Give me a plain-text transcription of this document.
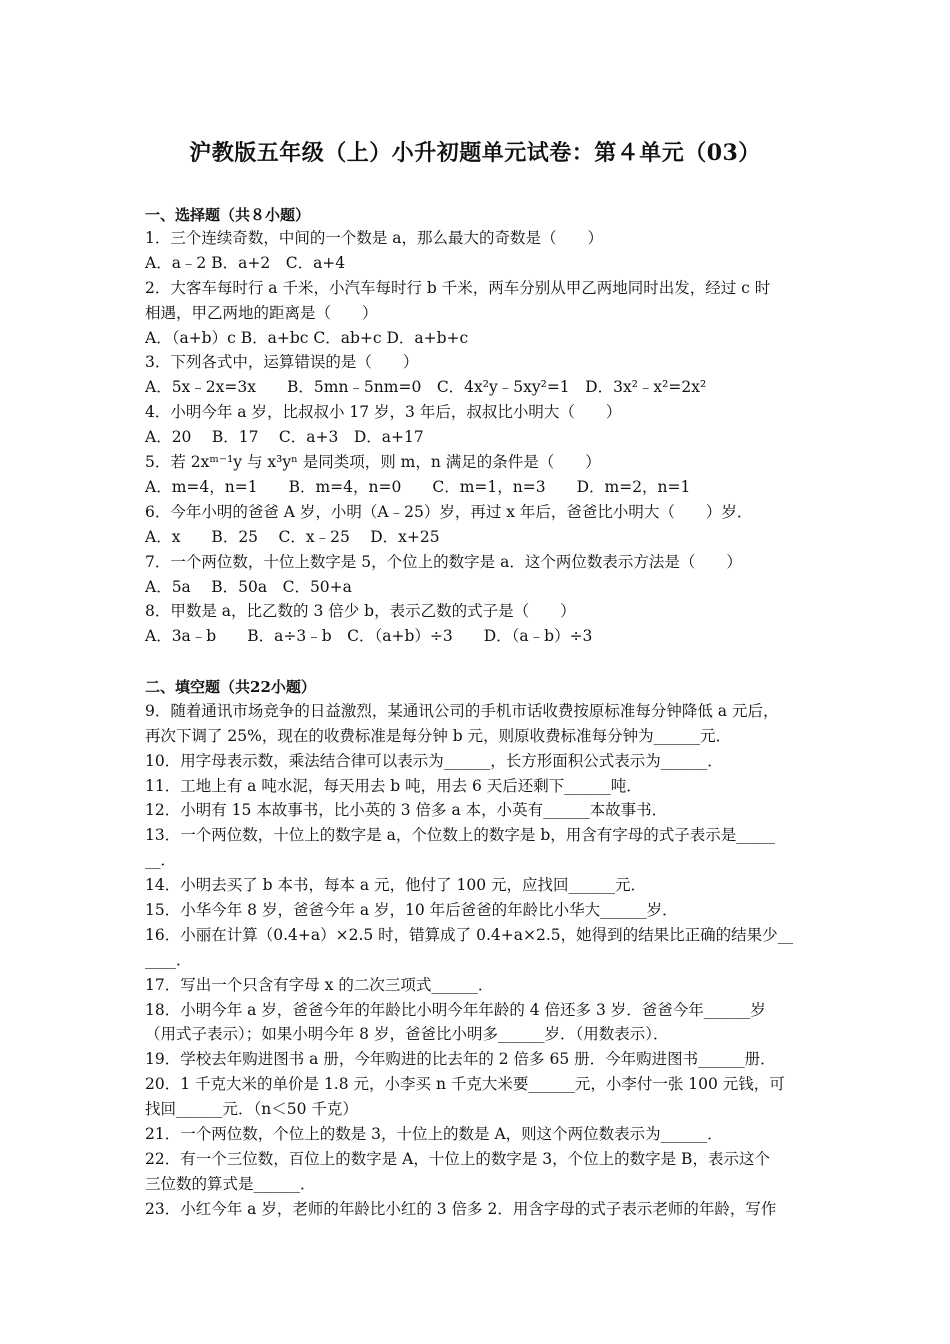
沪教版五年级（上）小升初题单元试卷：第４单元（03）
一、选择题（共８小题）
1．三个连续奇数，中间的一个数是 a，那么最大的奇数是（　　）
A．a﹣2 B．a+2　C．a+4
2．大客车每时行 a 千米，小汽车每时行 b 千米，两车分别从甲乙两地同时出发，经过 c 时
相遇，甲乙两地的距离是（　　）
A．（a+b）c B．a+bc C．ab+c D．a+b+c
3．下列各式中，运算错误的是（　　）
A．5x﹣2x=3x　　B．5mn﹣5nm=0　C．4x²y﹣5xy²=1　D．3x²﹣x²=2x²
4．小明今年 a 岁，比叔叔小 17 岁，3 年后，叔叔比小明大（　　）
A．20　 B．17　 C．a+3　D．a+17
5．若 2xᵐ⁻¹y 与 x³yⁿ 是同类项，则 m，n 满足的条件是（　　）
A．m=4，n=1　　B．m=4，n=0　　C．m=1，n=3　　D．m=2，n=1
6．今年小明的爸爸 A 岁，小明（A﹣25）岁，再过 x 年后，爸爸比小明大（　　）岁．
A．x　　B．25　 C．x﹣25　 D．x+25
7．一个两位数，十位上数字是 5，个位上的数字是 a．这个两位数表示方法是（　　）
A．5a　 B．50a　C．50+a
8．甲数是 a，比乙数的 3 倍少 b，表示乙数的式子是（　　）
A．3a﹣b　　B．a÷3﹣b　C．（a+b）÷3　　D．（a﹣b）÷3
二、填空题（共22小题）
9．随着通讯市场竞争的日益激烈，某通讯公司的手机市话收费按原标准每分钟降低 a 元后，
再次下调了 25%，现在的收费标准是每分钟 b 元，则原收费标准每分钟为______元．
10．用字母表示数，乘法结合律可以表示为______，长方形面积公式表示为______．
11．工地上有 a 吨水泥，每天用去 b 吨，用去 6 天后还剩下______吨．
12．小明有 15 本故事书，比小英的 3 倍多 a 本，小英有______本故事书．
13．一个两位数，十位上的数字是 a，个位数上的数字是 b，用含有字母的式子表示是_____
__．
14．小明去买了 b 本书，每本 a 元，他付了 100 元，应找回______元．
15．小华今年 8 岁，爸爸今年 a 岁，10 年后爸爸的年龄比小华大______岁．
16．小丽在计算（0.4+a）×2.5 时，错算成了 0.4+a×2.5，她得到的结果比正确的结果少__
____．
17．写出一个只含有字母 x 的二次三项式______．
18．小明今年 a 岁，爸爸今年的年龄比小明今年年龄的 4 倍还多 3 岁．爸爸今年______岁
（用式子表示）；如果小明今年 8 岁，爸爸比小明多______岁．（用数表示）．
19．学校去年购进图书 a 册，今年购进的比去年的 2 倍多 65 册．今年购进图书______册．
20．1 千克大米的单价是 1.8 元，小李买 n 千克大米要______元，小李付一张 100 元钱，可
找回______元．（n＜50 千克）
21．一个两位数，个位上的数是 3，十位上的数是 A，则这个两位数表示为______．
22．有一个三位数，百位上的数字是 A，十位上的数字是 3，个位上的数字是 B，表示这个
三位数的算式是______．
23．小红今年 a 岁，老师的年龄比小红的 3 倍多 2．用含字母的式子表示老师的年龄，写作
